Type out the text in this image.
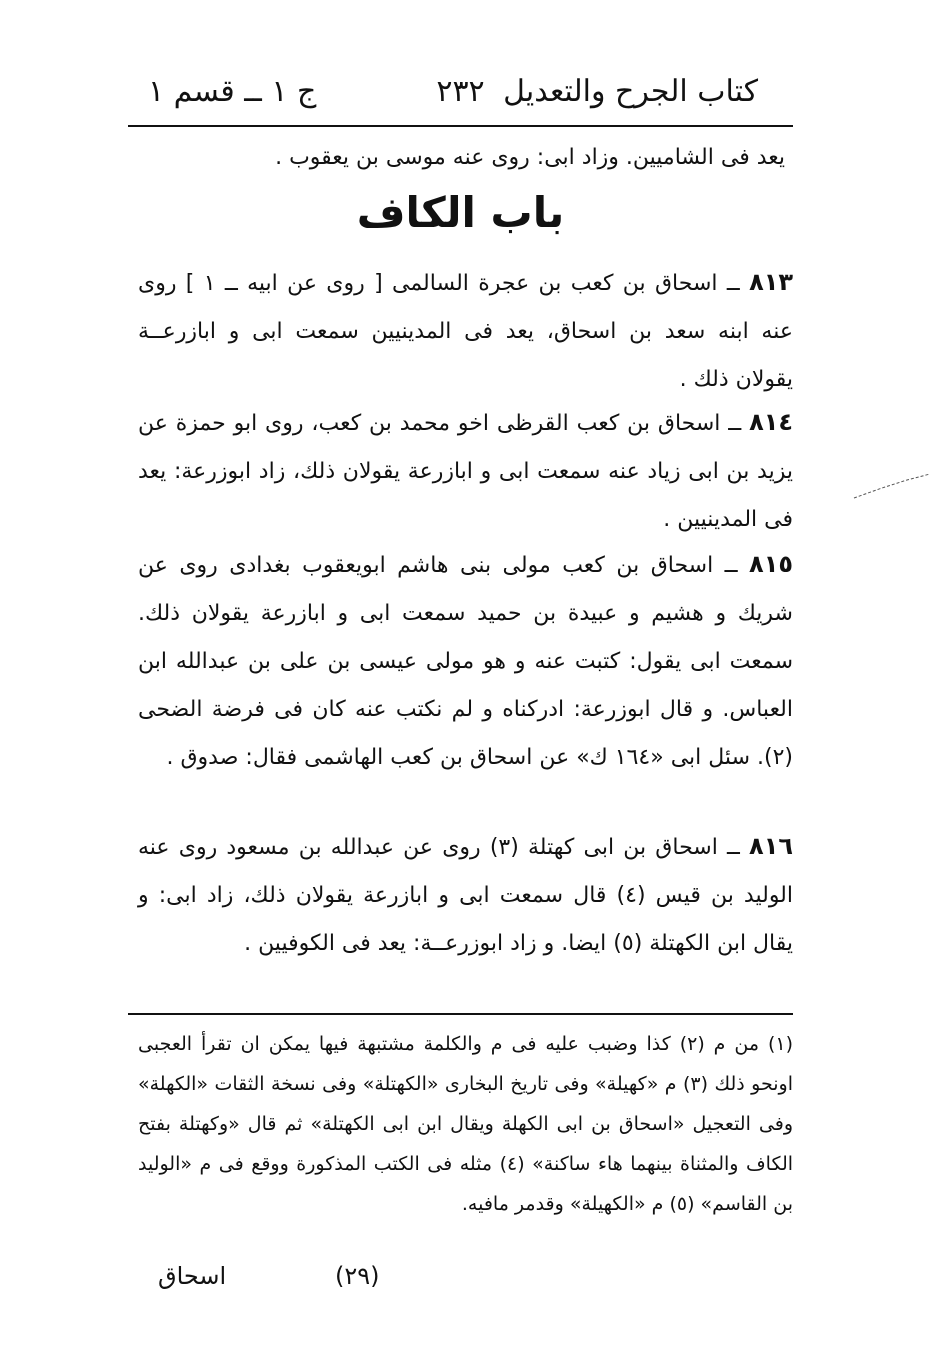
كتاب الجرح والتعديل
٢٣٢
ج ١ ــ قسم ١
يعد فى الشاميين. وزاد ابى: روى عنه موسى بن يعقوب .
باب الكاف
٨١٣ ــ اسحاق بن كعب بن عجرة السالمى [ روى عن ابيه ــ ١ ] روى عنه ابنه سعد بن اسحاق، يعد فى المدينيين سمعت ابى و ابازرعــة يقولان ذلك .
٨١٤ ــ اسحاق بن كعب القرظى اخو محمد بن كعب، روى ابو حمزة عن يزيد بن ابى زياد عنه سمعت ابى و ابازرعة يقولان ذلك، زاد ابوزرعة: يعد فى المدينيين .
٨١٥ ــ اسحاق بن كعب مولى بنى هاشم ابويعقوب بغدادى روى عن شريك و هشيم و عبيدة بن حميد سمعت ابى و ابازرعة يقولان ذلك. سمعت ابى يقول: كتبت عنه و هو مولى عيسى بن على بن عبدالله ابن العباس. و قال ابوزرعة: ادركناه و لم نكتب عنه كان فى فرضة الضحى (٢). سئل ابى «١٦٤ ك» عن اسحاق بن كعب الهاشمى فقال: صدوق .
٨١٦ ــ اسحاق بن ابى كهتلة (٣) روى عن عبدالله بن مسعود روى عنه الوليد بن قيس (٤) قال سمعت ابى و ابازرعة يقولان ذلك، زاد ابى: و يقال ابن الكهتلة (٥) ايضا. و زاد ابوزرعــة: يعد فى الكوفيين .
(١) من م (٢) كذا وضبب عليه فى م والكلمة مشتبهة فيها يمكن ان تقرأ العجبى اونحو ذلك (٣) م «كهيلة» وفى تاريخ البخارى «الكهتلة» وفى نسخة الثقات «الكهلة» وفى التعجيل «اسحاق بن ابى الكهلة ويقال ابن ابى الكهتلة» ثم قال «وكهتلة بفتح الكاف والمثناة بينهما هاء ساكنة» (٤) مثله فى الكتب المذكورة ووقع فى م «الوليد بن القاسم» (٥) م «الكهيلة» وقدمر مافيه.
(٢٩)
اسحاق
